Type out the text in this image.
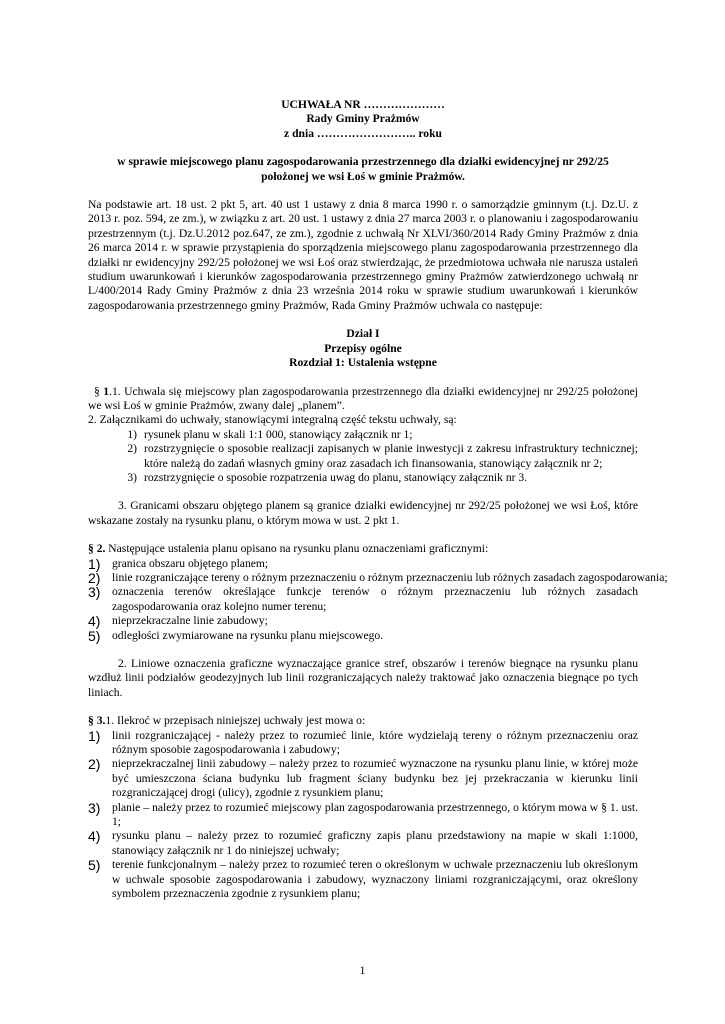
UCHWAŁA NR …………………
Rady Gminy Prażmów
z dnia …………………….. roku
w sprawie miejscowego planu zagospodarowania przestrzennego dla działki ewidencyjnej nr 292/25 położonej we wsi Łoś w gminie Prażmów.
Na podstawie art. 18 ust. 2 pkt 5, art. 40 ust 1 ustawy z dnia 8 marca 1990 r. o samorządzie gminnym (t.j. Dz.U. z 2013 r. poz. 594, ze zm.), w związku z art. 20 ust. 1 ustawy z dnia 27 marca 2003 r. o planowaniu i zagospodarowaniu przestrzennym (t.j. Dz.U.2012 poz.647, ze zm.), zgodnie z uchwałą Nr XLVI/360/2014 Rady Gminy Prażmów z dnia 26 marca 2014 r. w sprawie przystąpienia do sporządzenia miejscowego planu zagospodarowania przestrzennego dla działki nr ewidencyjny 292/25 położonej we wsi Łoś oraz stwierdzając, że przedmiotowa uchwała nie narusza ustaleń studium uwarunkowań i kierunków zagospodarowania przestrzennego gminy Prażmów zatwierdzonego uchwałą nr L/400/2014 Rady Gminy Prażmów z dnia 23 września 2014 roku w sprawie studium uwarunkowań i kierunków zagospodarowania przestrzennego gminy Prażmów, Rada Gminy Prażmów uchwala co następuje:
Dział I
Przepisy ogólne
Rozdział 1: Ustalenia wstępne
§ 1.1. Uchwala się miejscowy plan zagospodarowania przestrzennego dla działki ewidencyjnej nr 292/25 położonej we wsi Łoś w gminie Prażmów, zwany dalej „planem”.
2. Załącznikami do uchwały, stanowiącymi integralną część tekstu uchwały, są:
1) rysunek planu w skali 1:1 000, stanowiący załącznik nr 1;
2) rozstrzygnięcie o sposobie realizacji zapisanych w planie inwestycji z zakresu infrastruktury technicznej; które należą do zadań własnych gminy oraz zasadach ich finansowania, stanowiący załącznik nr 2;
3) rozstrzygnięcie o sposobie rozpatrzenia uwag do planu, stanowiący załącznik nr 3.
3. Granicami obszaru objętego planem są granice działki ewidencyjnej nr 292/25 położonej we wsi Łoś, które wskazane zostały na rysunku planu, o którym mowa w ust. 2 pkt 1.
§ 2. Następujące ustalenia planu opisano na rysunku planu oznaczeniami graficznymi:
1) granica obszaru objętego planem;
2) linie rozgraniczające tereny o różnym przeznaczeniu o różnym przeznaczeniu lub różnych zasadach zagospodarowania;
3) oznaczenia terenów określające funkcje terenów o różnym przeznaczeniu lub różnych zasadach zagospodarowania oraz kolejno numer terenu;
4) nieprzekraczalne linie zabudowy;
5) odległości zwymiarowane na rysunku planu miejscowego.
2. Liniowe oznaczenia graficzne wyznaczające granice stref, obszarów i terenów biegnące na rysunku planu wzdłuż linii podziałów geodezyjnych lub linii rozgraniczających należy traktować jako oznaczenia biegnące po tych liniach.
§ 3.1. Ilekroć w przepisach niniejszej uchwały jest mowa o:
1) linii rozgraniczającej - należy przez to rozumieć linie, które wydzielają tereny o różnym przeznaczeniu oraz różnym sposobie zagospodarowania i zabudowy;
2) nieprzekraczalnej linii zabudowy – należy przez to rozumieć wyznaczone na rysunku planu linie, w której może być umieszczona ściana budynku lub fragment ściany budynku bez jej przekraczania w kierunku linii rozgraniczającej drogi (ulicy), zgodnie z rysunkiem planu;
3) planie – należy przez to rozumieć miejscowy plan zagospodarowania przestrzennego, o którym mowa w § 1. ust. 1;
4) rysunku planu – należy przez to rozumieć graficzny zapis planu przedstawiony na mapie w skali 1:1000, stanowiący załącznik nr 1 do niniejszej uchwały;
5) terenie funkcjonalnym – należy przez to rozumieć teren o określonym w uchwale przeznaczeniu lub określonym w uchwale sposobie zagospodarowania i zabudowy, wyznaczony liniami rozgraniczającymi, oraz określony symbolem przeznaczenia zgodnie z rysunkiem planu;
1
